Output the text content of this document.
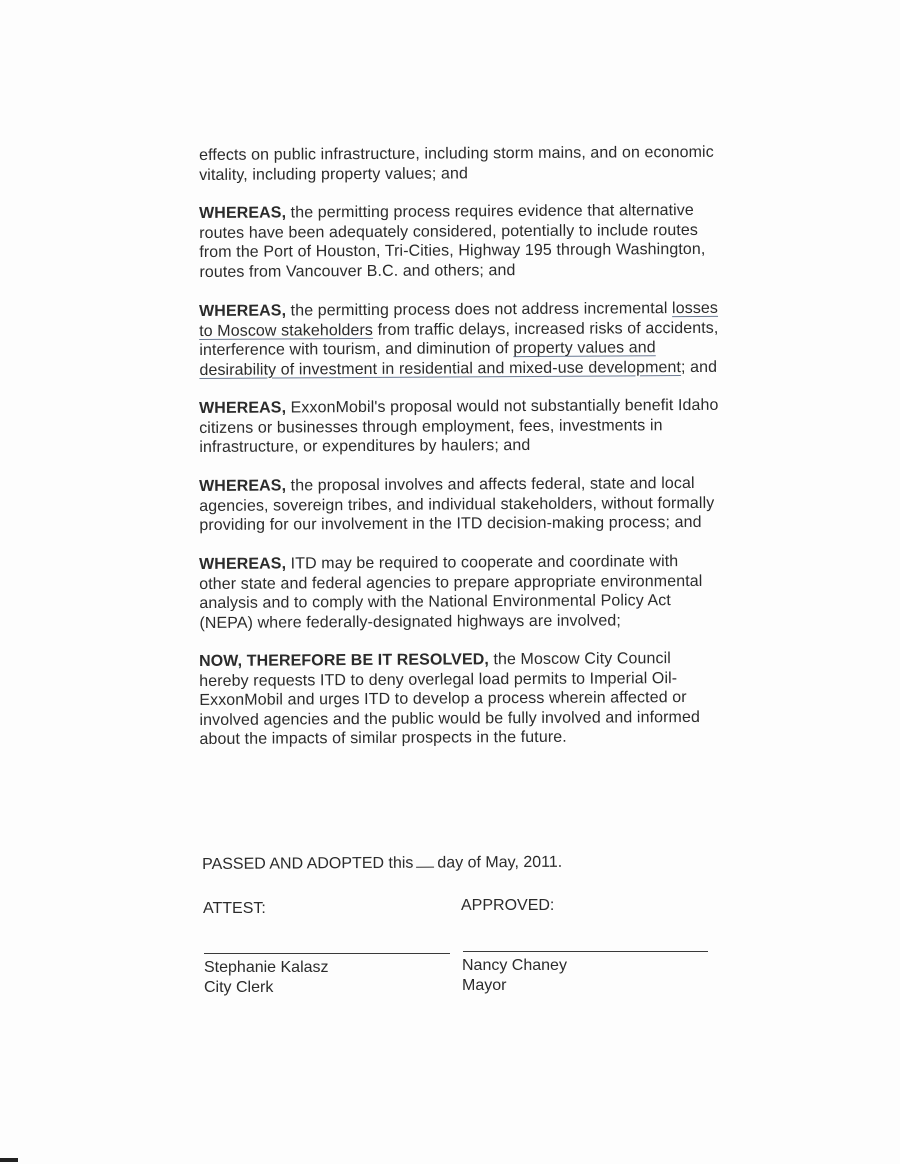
effects on public infrastructure, including storm mains, and on economic vitality, including property values; and

WHEREAS, the permitting process requires evidence that alternative routes have been adequately considered, potentially to include routes from the Port of Houston, Tri-Cities, Highway 195 through Washington, routes from Vancouver B.C. and others; and

WHEREAS, the permitting process does not address incremental losses to Moscow stakeholders from traffic delays, increased risks of accidents, interference with tourism, and diminution of property values and desirability of investment in residential and mixed-use development; and

WHEREAS, ExxonMobil's proposal would not substantially benefit Idaho citizens or businesses through employment, fees, investments in infrastructure, or expenditures by haulers; and

WHEREAS, the proposal involves and affects federal, state and local agencies, sovereign tribes, and individual stakeholders, without formally providing for our involvement in the ITD decision-making process; and

WHEREAS, ITD may be required to cooperate and coordinate with other state and federal agencies to prepare appropriate environmental analysis and to comply with the National Environmental Policy Act (NEPA) where federally-designated highways are involved;

NOW, THEREFORE BE IT RESOLVED, the Moscow City Council hereby requests ITD to deny overlegal load permits to Imperial Oil-ExxonMobil and urges ITD to develop a process wherein affected or involved agencies and the public would be fully involved and informed about the impacts of similar prospects in the future.

PASSED AND ADOPTED this day of May, 2011.
ATTEST:	APPROVED:
Stephanie Kalasz
City Clerk
Nancy Chaney
Mayor
